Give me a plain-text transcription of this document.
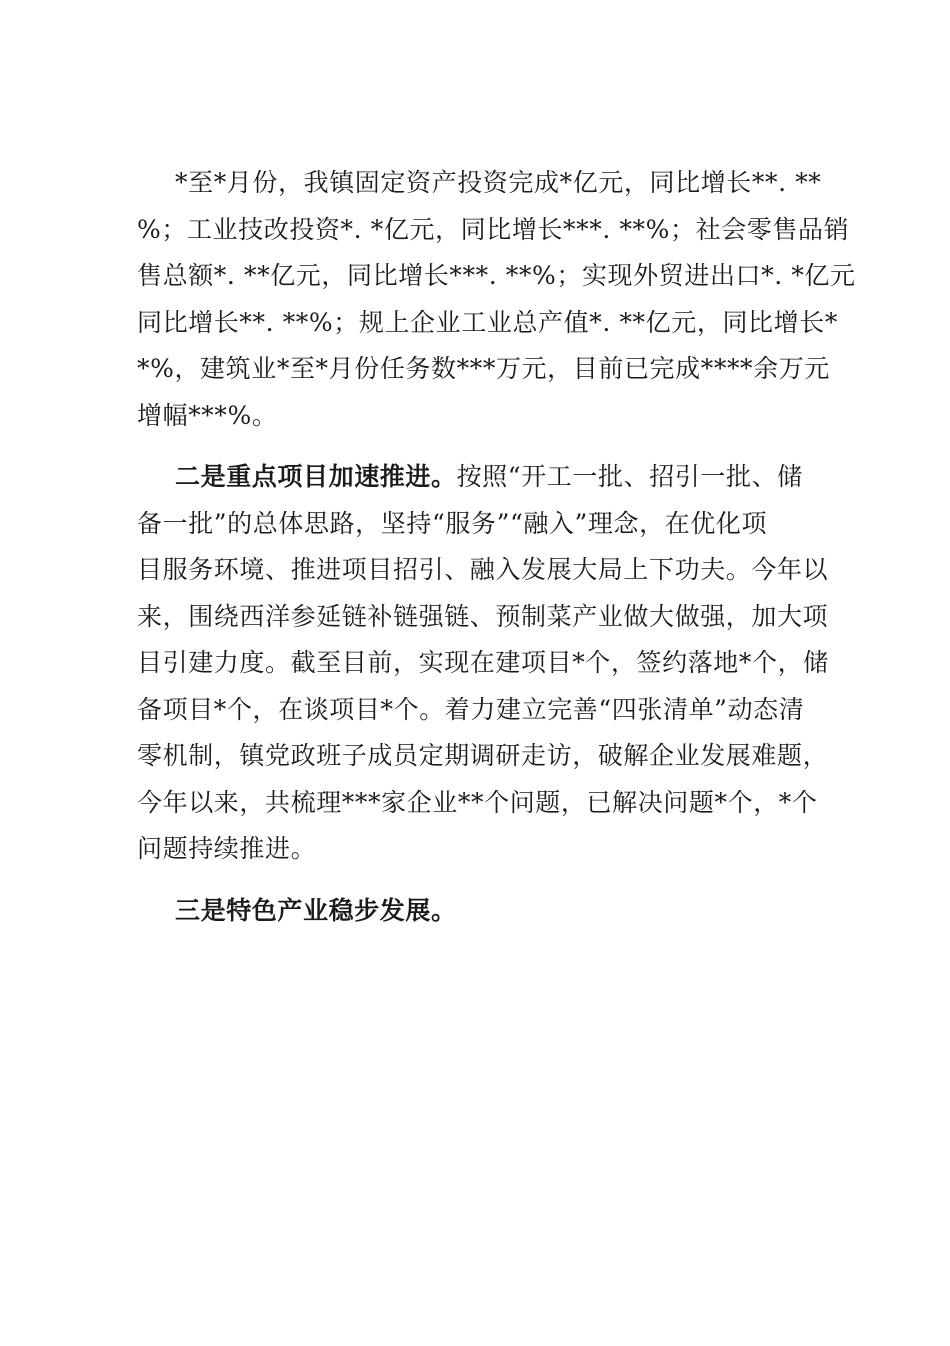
*至*月份，我镇固定资产投资完成*亿元，同比增长**. **
%；工业技改投资*. *亿元，同比增长***. **%；社会零售品销
售总额*. **亿元，同比增长***. **%；实现外贸进出口*. *亿元
同比增长**. **%；规上企业工业总产值*. **亿元，同比增长*
*%，建筑业*至*月份任务数***万元，目前已完成****余万元
增幅***%。
二是重点项目加速推进。按照“开工一批、招引一批、储
备一批”的总体思路，坚持“服务”“融入”理念，在优化项
目服务环境、推进项目招引、融入发展大局上下功夫。今年以
来，围绕西洋参延链补链强链、预制菜产业做大做强，加大项
目引建力度。截至目前，实现在建项目*个，签约落地*个，储
备项目*个，在谈项目*个。着力建立完善“四张清单”动态清
零机制，镇党政班子成员定期调研走访，破解企业发展难题，
今年以来，共梳理***家企业**个问题，已解决问题*个，*个
问题持续推进。
三是特色产业稳步发展。
